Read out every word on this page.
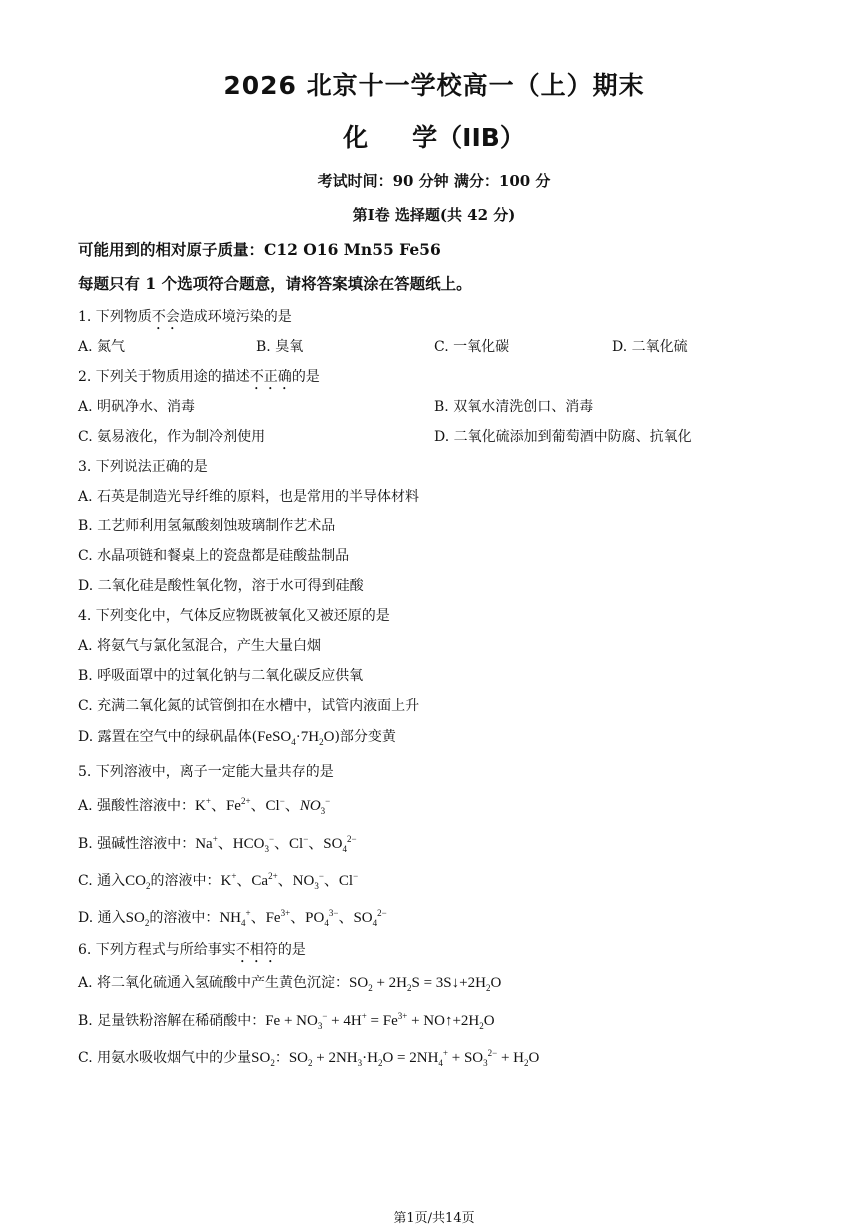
2026 北京十一学校高一（上）期末
化 学（IIB）
考试时间：90 分钟 满分：100 分
第Ⅰ卷 选择题(共 42 分)
可能用到的相对原子质量：C12 O16 Mn55 Fe56
每题只有 1 个选项符合题意，请将答案填涂在答题纸上。
1. 下列物质不会造成环境污染的是
A. 氮气	B. 臭氧	C. 一氧化碳	D. 二氧化硫
2. 下列关于物质用途的描述不正确的是
A. 明矾净水、消毒	B. 双氧水清洗创口、消毒
C. 氨易液化，作为制冷剂使用	D. 二氧化硫添加到葡萄酒中防腐、抗氧化
3. 下列说法正确的是
A. 石英是制造光导纤维的原料，也是常用的半导体材料
B. 工艺师利用氢氟酸刻蚀玻璃制作艺术品
C. 水晶项链和餐桌上的瓷盘都是硅酸盐制品
D. 二氧化硅是酸性氧化物，溶于水可得到硅酸
4. 下列变化中，气体反应物既被氧化又被还原的是
A. 将氨气与氯化氢混合，产生大量白烟
B. 呼吸面罩中的过氧化钠与二氧化碳反应供氧
C. 充满二氧化氮的试管倒扣在水槽中，试管内液面上升
D. 露置在空气中的绿矾晶体$(FeSO_4\cdot 7H_2O)$部分变黄
5. 下列溶液中，离子一定能大量共存的是
A. 强酸性溶液中：K+、$Fe^{2+}$、Cl−、$NO_3^-$
B. 强碱性溶液中：Na+、$HCO_3^-$、Cl−、$SO_4^{2-}$
C. 通入$CO_2$的溶液中：K+、$Ca^{2+}$、$NO_3^-$、Cl−
D. 通入$SO_2$的溶液中：$NH_4^+$、$Fe^{3+}$、$PO_4^{3-}$、$SO_4^{2-}$
6. 下列方程式与所给事实不相符的是
A. 将二氧化硫通入氢硫酸中产生黄色沉淀：$SO_2 + 2H_2S$ = $3S↓+2H_2O$
B. 足量铁粉溶解在稀硝酸中：$Fe + NO_3^- + 4H^+ = Fe^{3+}$ + $NO↑+2H_2O$
C. 用氨水吸收烟气中的少量$SO_2$：$SO_2 + 2NH_3\cdot H_2O = 2NH_4^+ + SO_3^{2-} + H_2O$
第1页/共14页
